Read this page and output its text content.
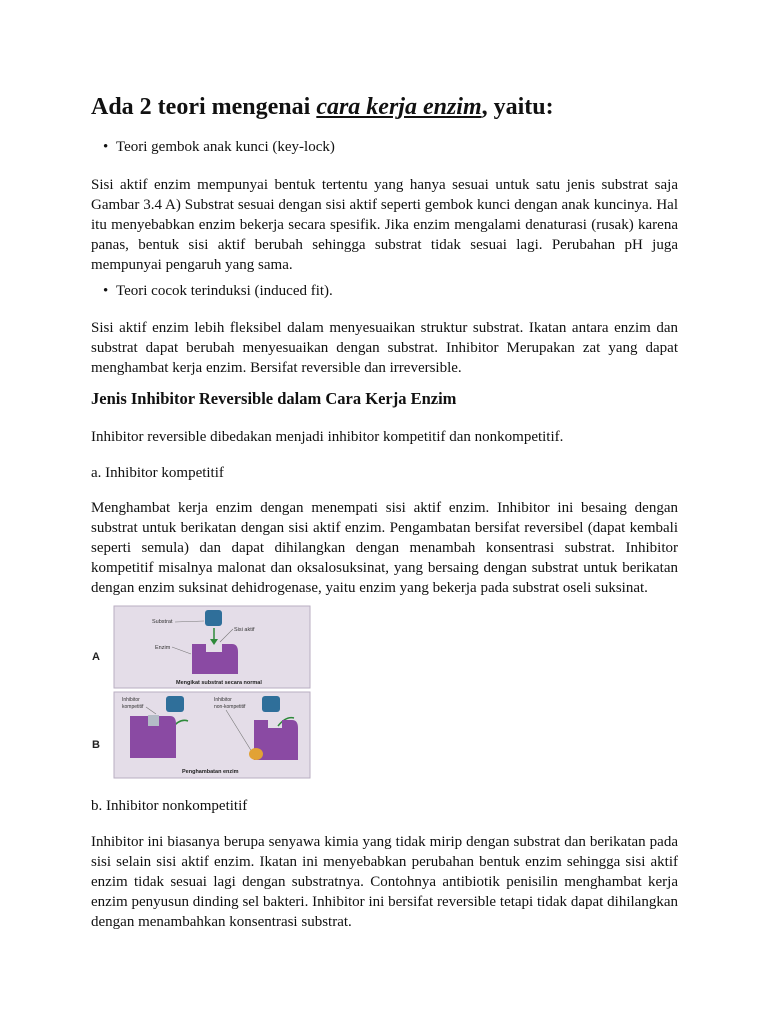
Ada 2 teori mengenai cara kerja enzim, yaitu:
• Teori gembok anak kunci (key-lock)

Sisi aktif enzim mempunyai bentuk tertentu yang hanya sesuai untuk satu jenis substrat saja Gambar 3.4 A) Substrat sesuai dengan sisi aktif seperti gembok kunci dengan anak kuncinya. Hal itu menyebabkan enzim bekerja secara spesifik. Jika enzim mengalami denaturasi (rusak) karena panas, bentuk sisi aktif berubah sehingga substrat tidak sesuai lagi. Perubahan pH juga mempunyai pengaruh yang sama.

• Teori cocok terinduksi (induced fit).

Sisi aktif enzim lebih fleksibel dalam menyesuaikan struktur substrat. Ikatan antara enzim dan substrat dapat berubah menyesuaikan dengan substrat. Inhibitor Merupakan zat yang dapat menghambat kerja enzim. Bersifat reversible dan irreversible.

Jenis Inhibitor Reversible dalam Cara Kerja Enzim
Inhibitor reversible dibedakan menjadi inhibitor kompetitif dan nonkompetitif.
a. Inhibitor kompetitif

Menghambat kerja enzim dengan menempati sisi aktif enzim. Inhibitor ini besaing dengan substrat untuk berikatan dengan sisi aktif enzim. Pengambatan bersifat reversibel (dapat kembali seperti semula) dan dapat dihilangkan dengan menambah konsentrasi substrat. Inhibitor kompetitif misalnya malonat dan oksalosuksinat, yang bersaing dengan substrat untuk berikatan dengan enzim suksinat dehidrogenase, yaitu enzim yang bekerja pada substrat oseli suksinat.

A
B
Substrat
Sisi aktif
Enzim
Mengikat substrat secara normal
Inhibitor
kompetitif
Inhibitor
non-kompetitif
Penghambatan enzim
b. Inhibitor nonkompetitif

Inhibitor ini biasanya berupa senyawa kimia yang tidak mirip dengan substrat dan berikatan pada sisi selain sisi aktif enzim. Ikatan ini menyebabkan perubahan bentuk enzim sehingga sisi aktif enzim tidak sesuai lagi dengan substratnya. Contohnya antibiotik penisilin menghambat kerja enzim penyusun dinding sel bakteri. Inhibitor ini bersifat reversible tetapi tidak dapat dihilangkan dengan menambahkan konsentrasi substrat.
